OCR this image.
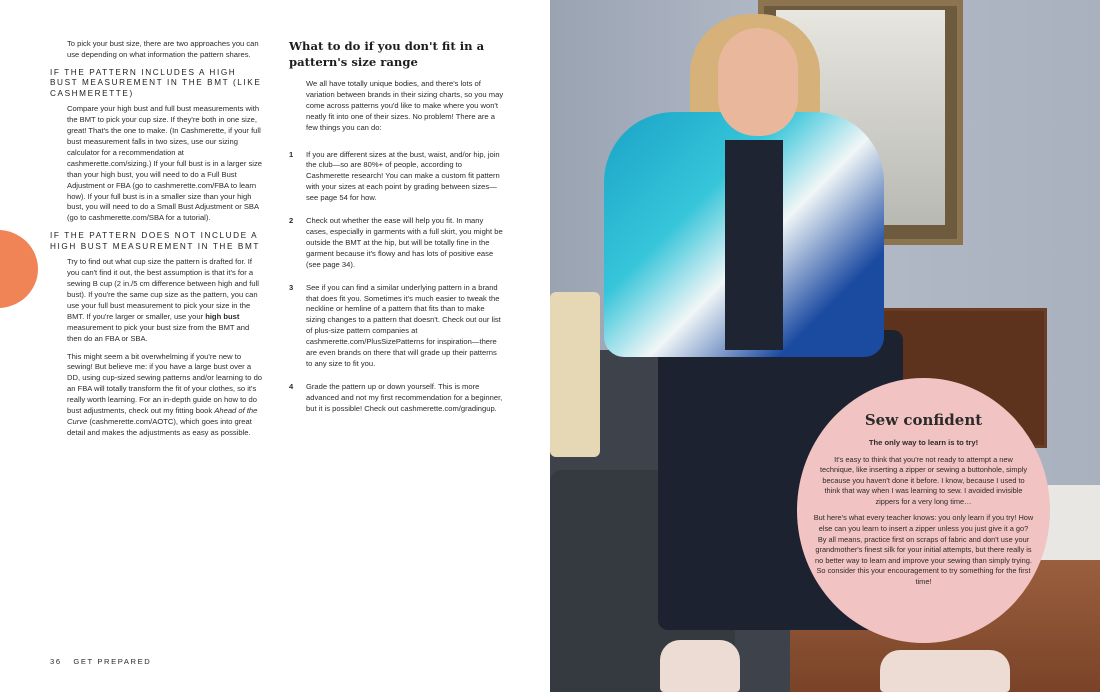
To pick your bust size, there are two approaches you can use depending on what information the pattern shares.

IF THE PATTERN INCLUDES A HIGH BUST MEASUREMENT IN THE BMT (LIKE CASHMERETTE)

Compare your high bust and full bust measurements with the BMT to pick your cup size. If they're both in one size, great! That's the one to make. (In Cashmerette, if your full bust measurement falls in two sizes, use our sizing calculator for a recommendation at cashmerette.com/sizing.) If your full bust is in a larger size than your high bust, you will need to do a Full Bust Adjustment or FBA (go to cashmerette.com/FBA to learn how). If your full bust is in a smaller size than your high bust, you will need to do a Small Bust Adjustment or SBA (go to cashmerette.com/SBA for a tutorial).

IF THE PATTERN DOES NOT INCLUDE A HIGH BUST MEASUREMENT IN THE BMT

Try to find out what cup size the pattern is drafted for. If you can't find it out, the best assumption is that it's for a sewing B cup (2 in./5 cm difference between high and full bust). If you're the same cup size as the pattern, you can use your full bust measurement to pick your size in the BMT. If you're larger or smaller, use your high bust measurement to pick your bust size from the BMT and then do an FBA or SBA.

This might seem a bit overwhelming if you're new to sewing! But believe me: if you have a large bust over a DD, using cup-sized sewing patterns and/or learning to do an FBA will totally transform the fit of your clothes, so it's really worth learning. For an in-depth guide on how to do bust adjustments, check out my fitting book Ahead of the Curve (cashmerette.com/AOTC), which goes into great detail and makes the adjustments as easy as possible.

What to do if you don't fit in a pattern's size range

We all have totally unique bodies, and there's lots of variation between brands in their sizing charts, so you may come across patterns you'd like to make where you won't neatly fit into one of their sizes. No problem! There are a few things you can do:

1 If you are different sizes at the bust, waist, and/or hip, join the club—so are 80%+ of people, according to Cashmerette research! You can make a custom fit pattern with your sizes at each point by grading between sizes—see page 54 for how.
2 Check out whether the ease will help you fit. In many cases, especially in garments with a full skirt, you might be outside the BMT at the hip, but will be totally fine in the garment because it's flowy and has lots of positive ease (see page 34).
3 See if you can find a similar underlying pattern in a brand that does fit you. Sometimes it's much easier to tweak the neckline or hemline of a pattern that fits than to make sizing changes to a pattern that doesn't. Check out our list of plus-size pattern companies at cashmerette.com/PlusSizePatterns for inspiration—there are even brands on there that will grade up their patterns to any size to fit you.
4 Grade the pattern up or down yourself. This is more advanced and not my first recommendation for a beginner, but it is possible! Check out cashmerette.com/gradingup.
36 GET PREPARED
Sew confident
The only way to learn is to try!
It's easy to think that you're not ready to attempt a new technique, like inserting a zipper or sewing a buttonhole, simply because you haven't done it before. I know, because I used to think that way when I was learning to sew. I avoided invisible zippers for a very long time…
But here's what every teacher knows: you only learn if you try! How else can you learn to insert a zipper unless you just give it a go? By all means, practice first on scraps of fabric and don't use your grandmother's finest silk for your initial attempts, but there really is no better way to learn and improve your sewing than simply trying. So consider this your encouragement to try something for the first time!
